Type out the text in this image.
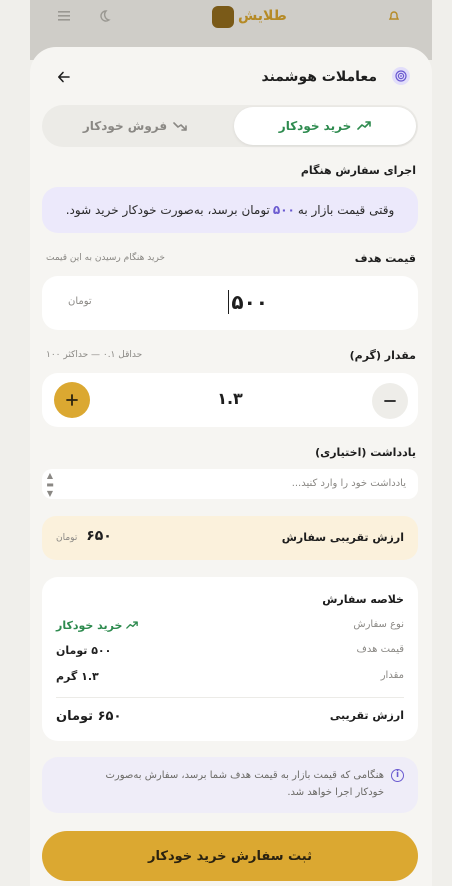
طلایش
معاملات هوشمند
خرید خودکار
فروش خودکار
اجرای سفارش هنگام
وقتی قیمت بازار به
۵۰۰
تومان برسد، به‌صورت خودکار خرید شود.
قیمت هدف
خرید هنگام رسیدن به این قیمت
۵۰۰
تومان
مقدار (گرم)
حداقل ۰.۱ — حداکثر ۱۰۰
۱.۳
یادداشت (اختیاری)
یادداشت خود را وارد کنید...
▲
▬
▼
ارزش تقریبی سفارش
۶۵۰ تومان
خلاصه سفارش
نوع سفارش
خرید خودکار
قیمت هدف
۵۰۰ تومان
مقدار
۱.۳ گرم
ارزش تقریبی
۶۵۰ تومان
i
هنگامی که قیمت بازار به قیمت هدف شما برسد، سفارش به‌صورت خودکار اجرا خواهد شد.
ثبت سفارش خرید خودکار
